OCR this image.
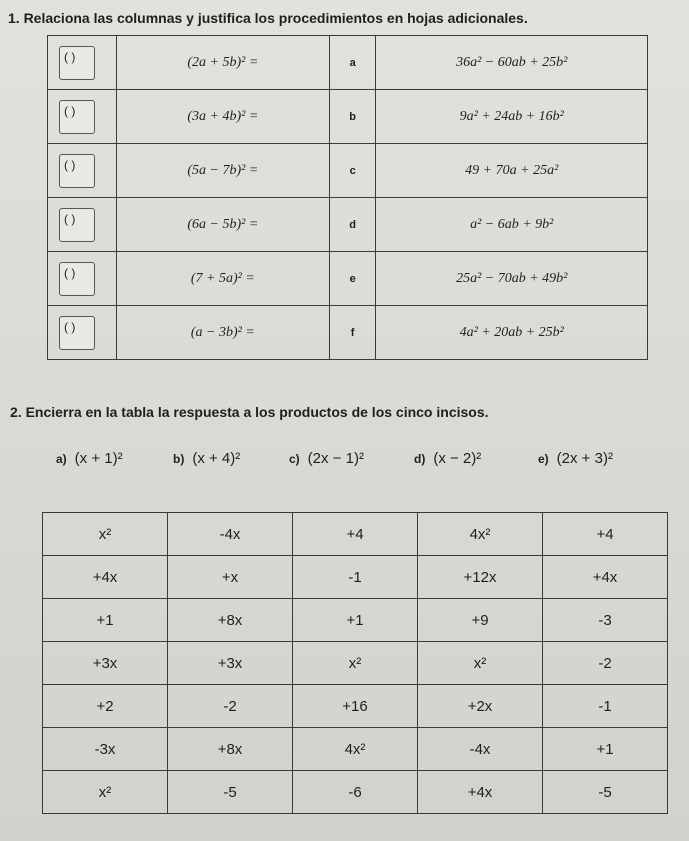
1. Relaciona las columnas y justifica los procedimientos en hojas adicionales.
( )	(2a + 5b)² =	a	36a² − 60ab + 25b²
( )	(3a + 4b)² =	b	9a² + 24ab + 16b²
( )	(5a − 7b)² =	c	49 + 70a + 25a²
( )	(6a − 5b)² =	d	a² − 6ab + 9b²
( )	(7 + 5a)² =	e	25a² − 70ab + 49b²
( )	(a − 3b)² =	f	4a² + 20ab + 25b²
2. Encierra en la tabla la respuesta a los productos de los cinco incisos.
a) (x + 1)²	b) (x + 4)²	c) (2x − 1)²	d) (x − 2)²	e) (2x + 3)²
x²	-4x	+4	4x²	+4
+4x	+x	-1	+12x	+4x
+1	+8x	+1	+9	-3
+3x	+3x	x²	x²	-2
+2	-2	+16	+2x	-1
-3x	+8x	4x²	-4x	+1
x²	-5	-6	+4x	-5
